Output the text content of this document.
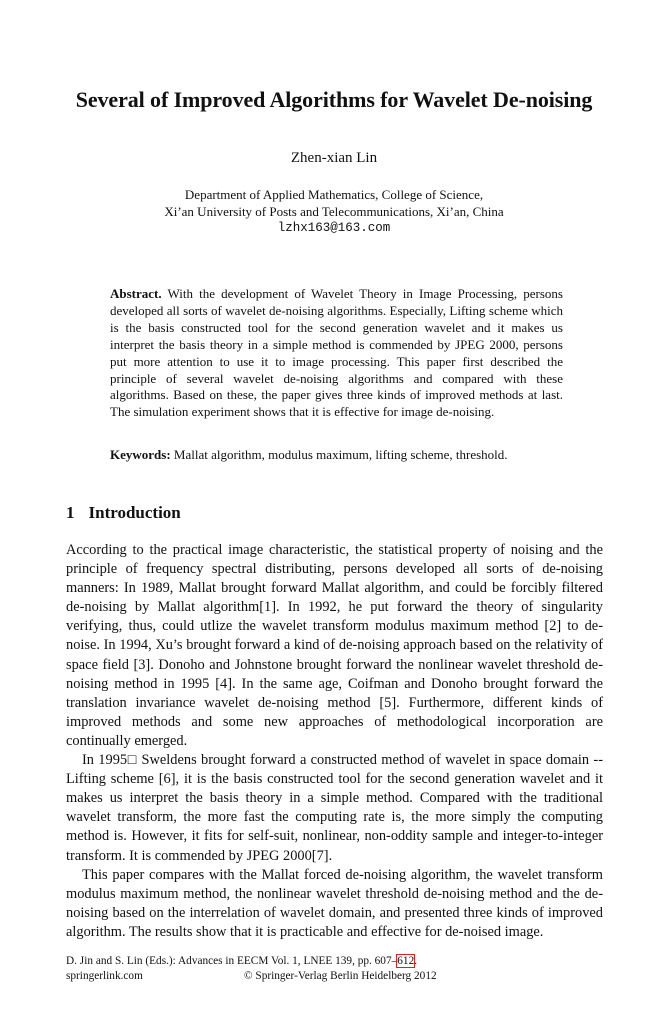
Several of Improved Algorithms for Wavelet De-noising
Zhen-xian Lin
Department of Applied Mathematics, College of Science,
Xi’an University of Posts and Telecommunications, Xi’an, China
lzhx163@163.com
Abstract. With the development of Wavelet Theory in Image Processing, persons developed all sorts of wavelet de-noising algorithms. Especially, Lifting scheme which is the basis constructed tool for the second generation wavelet and it makes us interpret the basis theory in a simple method is commended by JPEG 2000, persons put more attention to use it to image processing. This paper first described the principle of several wavelet de-noising algorithms and compared with these algorithms. Based on these, the paper gives three kinds of improved methods at last. The simulation experiment shows that it is effective for image de-noising.
Keywords: Mallat algorithm, modulus maximum, lifting scheme, threshold.
1 Introduction

According to the practical image characteristic, the statistical property of noising and the principle of frequency spectral distributing, persons developed all sorts of de-noising manners: In 1989, Mallat brought forward Mallat algorithm, and could be forcibly filtered de-noising by Mallat algorithm[1]. In 1992, he put forward the theory of singularity verifying, thus, could utlize the wavelet transform modulus maximum method [2] to de-noise. In 1994, Xu’s brought forward a kind of de-noising approach based on the relativity of space field [3]. Donoho and Johnstone brought forward the nonlinear wavelet threshold de-noising method in 1995 [4]. In the same age, Coifman and Donoho brought forward the translation invariance wavelet de-noising method [5]. Furthermore, different kinds of improved methods and some new approaches of methodological incorporation are continually emerged.

In 1995□ Sweldens brought forward a constructed method of wavelet in space domain --Lifting scheme [6], it is the basis constructed tool for the second generation wavelet and it makes us interpret the basis theory in a simple method. Compared with the traditional wavelet transform, the more fast the computing rate is, the more simply the computing method is. However, it fits for self-suit, nonlinear, non-oddity sample and integer-to-integer transform. It is commended by JPEG 2000[7].

This paper compares with the Mallat forced de-noising algorithm, the wavelet transform modulus maximum method, the nonlinear wavelet threshold de-noising method and the de-noising based on the interrelation of wavelet domain, and presented three kinds of improved algorithm. The results show that it is practicable and effective for de-noised image.

D. Jin and S. Lin (Eds.): Advances in EECM Vol. 1, LNEE 139, pp. 607–612.
springerlink.com	© Springer-Verlag Berlin Heidelberg 2012
